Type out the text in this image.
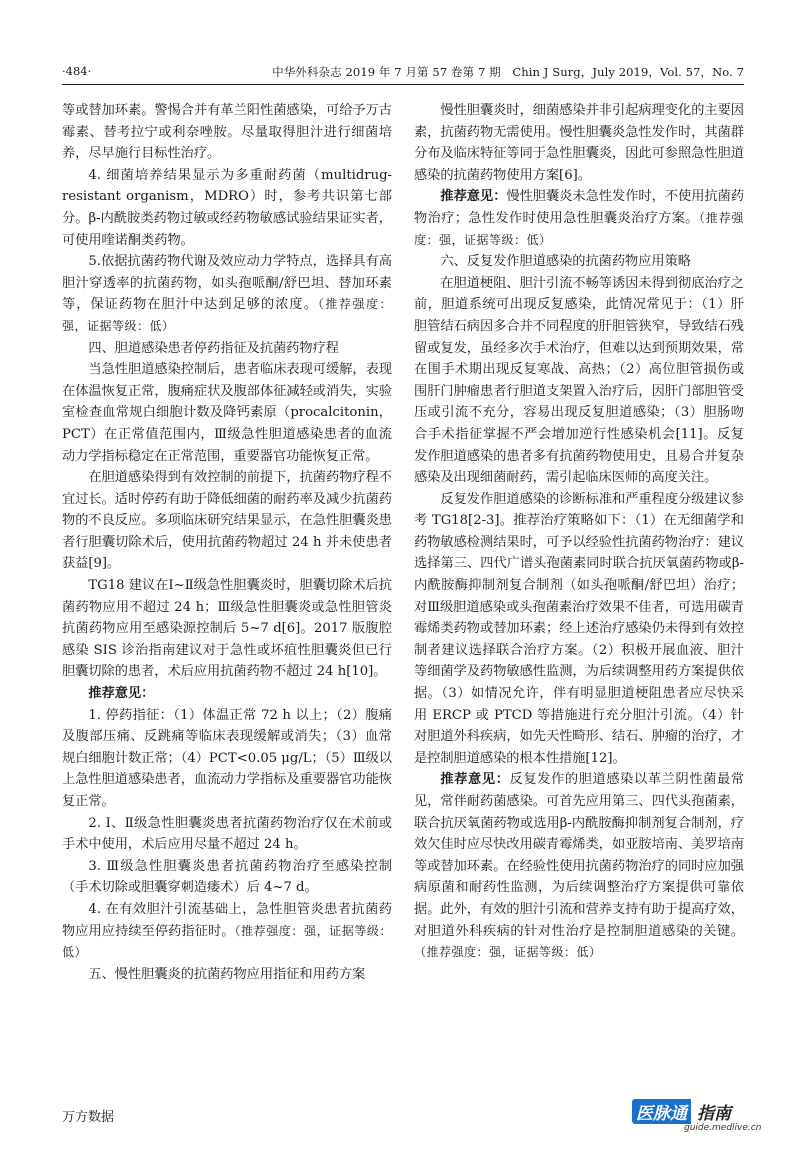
·484·	中华外科杂志 2019 年 7 月第 57 卷第 7 期　Chin J Surg，July 2019，Vol. 57，No. 7

等或替加环素。警惕合并有革兰阳性菌感染，可给予万古霉素、替考拉宁或利奈唑胺。尽量取得胆汁进行细菌培养，尽早施行目标性治疗。

4. 细菌培养结果显示为多重耐药菌（multidrug-resistant organism，MDRO）时，参考共识第七部分。β-内酰胺类药物过敏或经药物敏感试验结果证实者，可使用喹诺酮类药物。

5.依据抗菌药物代谢及效应动力学特点，选择具有高胆汁穿透率的抗菌药物，如头孢哌酮/舒巴坦、替加环素等，保证药物在胆汁中达到足够的浓度。（推荐强度：强，证据等级：低）

四、胆道感染患者停药指征及抗菌药物疗程

当急性胆道感染控制后，患者临床表现可缓解，表现在体温恢复正常，腹痛症状及腹部体征减轻或消失，实验室检查血常规白细胞计数及降钙素原（procalcitonin，PCT）在正常值范围内，Ⅲ级急性胆道感染患者的血流动力学指标稳定在正常范围，重要器官功能恢复正常。

在胆道感染得到有效控制的前提下，抗菌药物疗程不宜过长。适时停药有助于降低细菌的耐药率及减少抗菌药物的不良反应。多项临床研究结果显示，在急性胆囊炎患者行胆囊切除术后，使用抗菌药物超过 24 h 并未使患者获益[9]。

TG18 建议在Ⅰ~Ⅱ级急性胆囊炎时，胆囊切除术后抗菌药物应用不超过 24 h；Ⅲ级急性胆囊炎或急性胆管炎抗菌药物应用至感染源控制后 5~7 d[6]。2017 版腹腔感染 SIS 诊治指南建议对于急性或坏疽性胆囊炎但已行胆囊切除的患者，术后应用抗菌药物不超过 24 h[10]。

推荐意见：

1. 停药指征：（1）体温正常 72 h 以上；（2）腹痛及腹部压痛、反跳痛等临床表现缓解或消失；（3）血常规白细胞计数正常；（4）PCT<0.05 μg/L；（5）Ⅲ级以上急性胆道感染患者，血流动力学指标及重要器官功能恢复正常。

2. Ⅰ、Ⅱ级急性胆囊炎患者抗菌药物治疗仅在术前或手术中使用，术后应用尽量不超过 24 h。

3. Ⅲ级急性胆囊炎患者抗菌药物治疗至感染控制（手术切除或胆囊穿刺造瘘术）后 4~7 d。

4. 在有效胆汁引流基础上，急性胆管炎患者抗菌药物应用应持续至停药指征时。（推荐强度：强，证据等级：低）

五、慢性胆囊炎的抗菌药物应用指征和用药方案

慢性胆囊炎时，细菌感染并非引起病理变化的主要因素，抗菌药物无需使用。慢性胆囊炎急性发作时，其菌群分布及临床特征等同于急性胆囊炎，因此可参照急性胆道感染的抗菌药物使用方案[6]。

推荐意见：慢性胆囊炎未急性发作时，不使用抗菌药物治疗；急性发作时使用急性胆囊炎治疗方案。（推荐强度：强，证据等级：低）

六、反复发作胆道感染的抗菌药物应用策略

在胆道梗阻、胆汁引流不畅等诱因未得到彻底治疗之前，胆道系统可出现反复感染，此情况常见于：（1）肝胆管结石病因多合并不同程度的肝胆管狭窄，导致结石残留或复发，虽经多次手术治疗，但难以达到预期效果，常在围手术期出现反复寒战、高热；（2）高位胆管损伤或围肝门肿瘤患者行胆道支架置入治疗后，因肝门部胆管受压或引流不充分，容易出现反复胆道感染；（3）胆肠吻合手术指征掌握不严会增加逆行性感染机会[11]。反复发作胆道感染的患者多有抗菌药物使用史，且易合并复杂感染及出现细菌耐药，需引起临床医师的高度关注。

反复发作胆道感染的诊断标准和严重程度分级建议参考 TG18[2-3]。推荐治疗策略如下：（1）在无细菌学和药物敏感检测结果时，可予以经验性抗菌药物治疗：建议选择第三、四代广谱头孢菌素同时联合抗厌氧菌药物或β-内酰胺酶抑制剂复合制剂（如头孢哌酮/舒巴坦）治疗；对Ⅲ级胆道感染或头孢菌素治疗效果不佳者，可选用碳青霉烯类药物或替加环素；经上述治疗感染仍未得到有效控制者建议选择联合治疗方案。（2）积极开展血液、胆汁等细菌学及药物敏感性监测，为后续调整用药方案提供依据。（3）如情况允许，伴有明显胆道梗阻患者应尽快采用 ERCP 或 PTCD 等措施进行充分胆汁引流。（4）针对胆道外科疾病，如先天性畸形、结石、肿瘤的治疗，才是控制胆道感染的根本性措施[12]。

推荐意见：反复发作的胆道感染以革兰阴性菌最常见，常伴耐药菌感染。可首先应用第三、四代头孢菌素，联合抗厌氧菌药物或选用β-内酰胺酶抑制剂复合制剂，疗效欠佳时应尽快改用碳青霉烯类，如亚胺培南、美罗培南等或替加环素。在经验性使用抗菌药物治疗的同时应加强病原菌和耐药性监测，为后续调整治疗方案提供可靠依据。此外，有效的胆汁引流和营养支持有助于提高疗效，对胆道外科疾病的针对性治疗是控制胆道感染的关键。（推荐强度：强，证据等级：低）

万方数据	医脉通 指南
guide.medlive.cn
